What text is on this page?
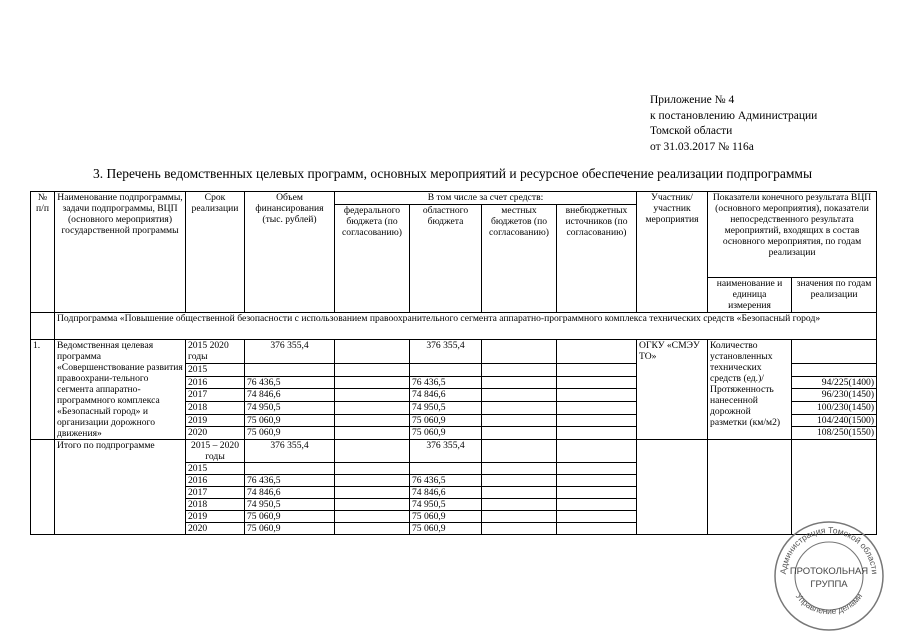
Приложение № 4
к постановлению Администрации
Томской области
от 31.03.2017 № 116а
3. Перечень ведомственных целевых программ, основных мероприятий и ресурсное обеспечение реализации подпрограммы
№ п/п	Наименование подпрограммы, задачи подпрограммы, ВЦП (основного мероприятия) государственной программы	Срок реализации	Объем финансирования (тыс. рублей)	В том числе за счет средств:				Участник/ участник мероприятия	Показатели конечного результата ВЦП (основного мероприятия), показатели непосредственного результата мероприятий, входящих в состав основного мероприятия, по годам реализации	
				федерального бюджета (по согласованию)	областного бюджета	местных бюджетов (по согласованию)	внебюджетных источников (по согласованию)			
									наименование и единица измерения	значения по годам реализации
	Подпрограмма «Повышение общественной безопасности с использованием правоохранительного сегмента аппаратно-программного комплекса технических средств «Безопасный город»									
1.	Ведомственная целевая программа «Совершенствование развития правоохрани-тельного сегмента аппаратно-программного комплекса «Безопасный город» и организации дорожного движения»	2015 2020 годы	376 355,4		376 355,4			ОГКУ «СМЭУ ТО»	Количество установленных технических средств (ед.)/ Протяженность нанесенной дорожной разметки (км/м2)	
		2015								
		2016	76 436,5		76 436,5					94/225(1400)
		2017	74 846,6		74 846,6					96/230(1450)
		2018	74 950,5		74 950,5					100/230(1450)
		2019	75 060,9		75 060,9					104/240(1500)
		2020	75 060,9		75 060,9					108/250(1550)
	Итого по подпрограмме	2015 – 2020 годы	376 355,4		376 355,4					
		2015								
		2016	76 436,5		76 436,5					
		2017	74 846,6		74 846,6					
		2018	74 950,5		74 950,5					
		2019	75 060,9		75 060,9					
		2020	75 060,9		75 060,9					
Администрация Томской области
Управление делами
ПРОТОКОЛЬНАЯ
ГРУППА
